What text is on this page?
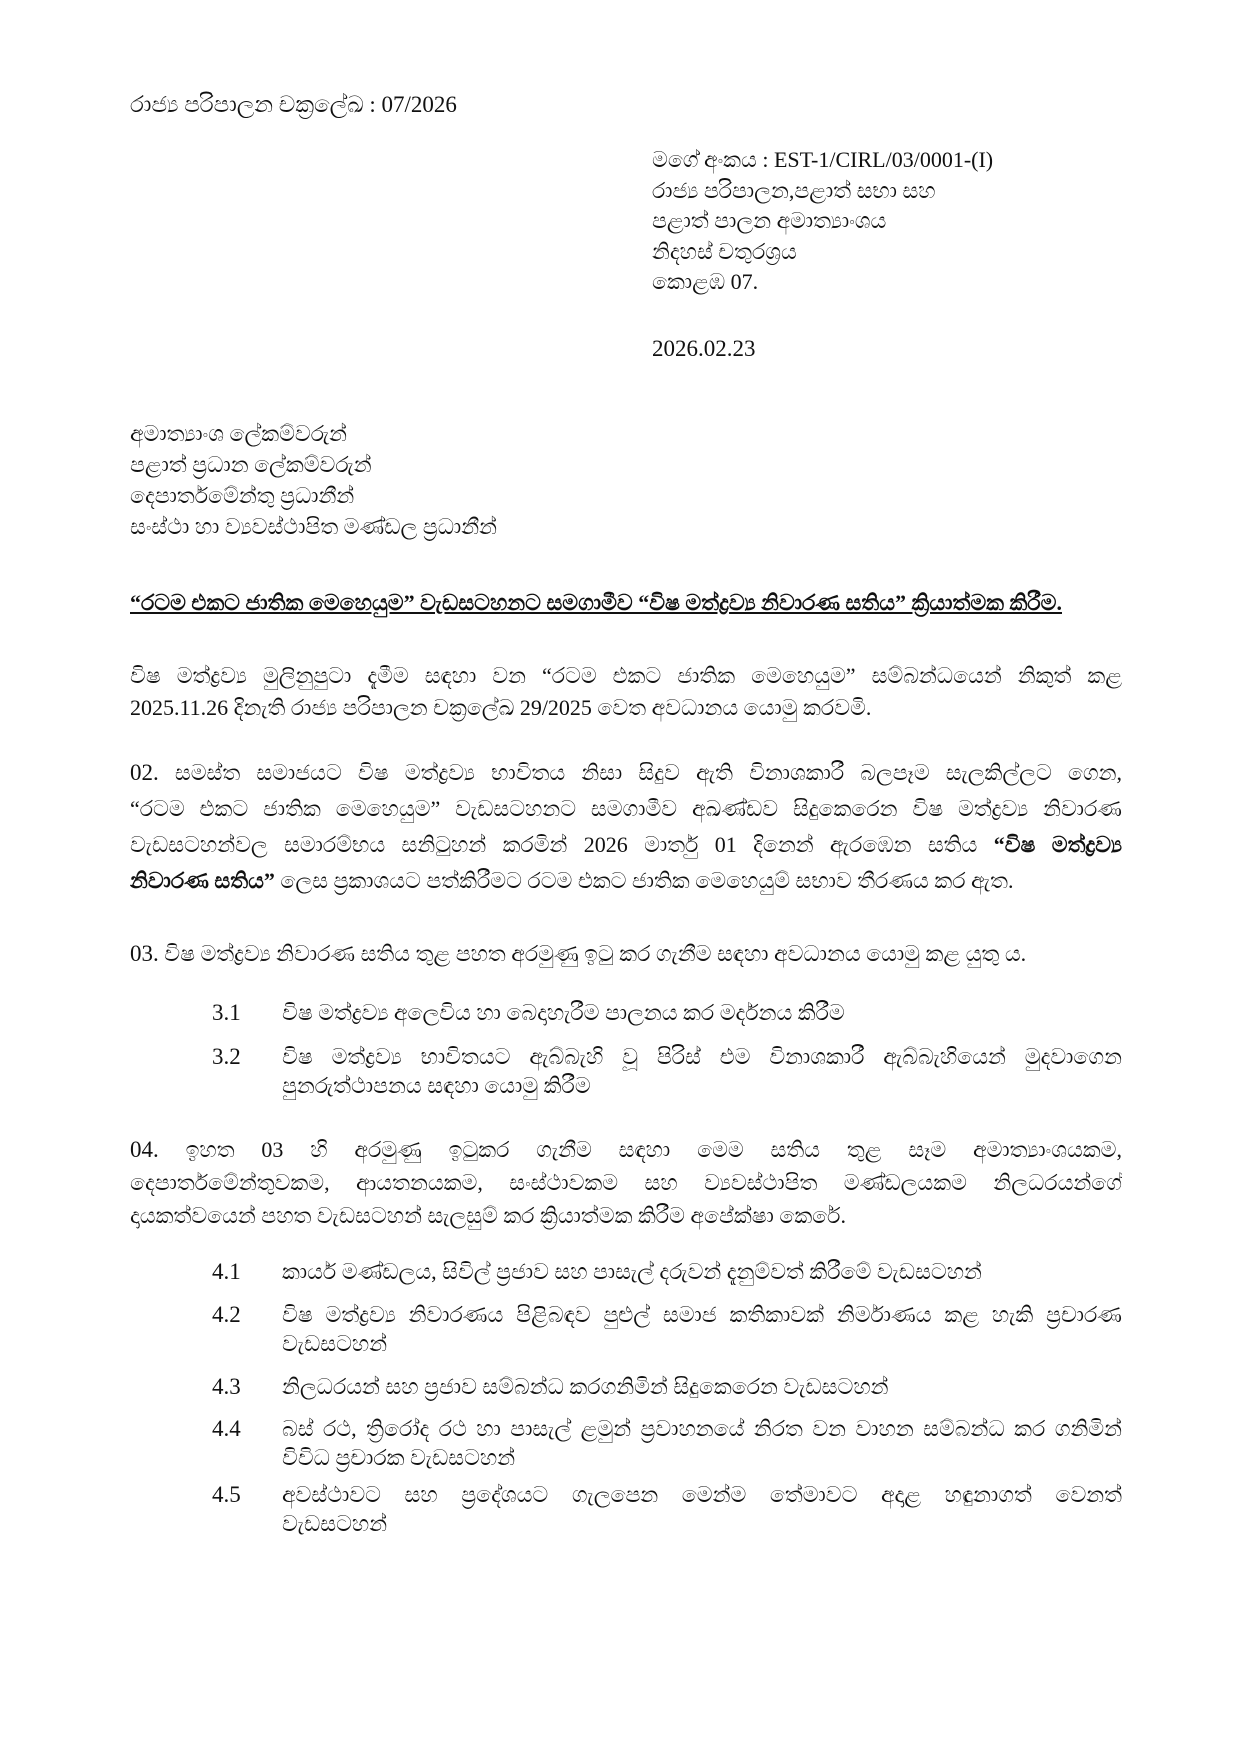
රාජ්‍ය පරිපාලන චක්‍රලේඛ : 07/2026
මගේ අංකය : EST-1/CIRL/03/0001-(I)
රාජ්‍ය පරිපාලන,පළාත් සභා සහ
පළාත් පාලන අමාත්‍යාංශය
නිදහස් චතුරශ්‍රය
කොළඹ 07.
2026.02.23
අමාත්‍යාංශ ලේකම්වරුන්
පළාත් ප්‍රධාන ලේකම්වරුන්
දෙපාර්තමේන්තු ප්‍රධානීන්
සංස්ථා හා ව්‍යවස්ථාපිත මණ්ඩල ප්‍රධානීන්
“රටම එකට ජාතික මෙහෙයුම” වැඩසටහනට සමගාමීව “විෂ මත්ද්‍රව්‍ය නිවාරණ සතිය” ක්‍රියාත්මක කිරීම.
විෂ මත්ද්‍රව්‍ය මුලිනුපුටා දැමීම සඳහා වන “රටම එකට ජාතික මෙහෙයුම” සම්බන්ධයෙන් නිකුත් කළ
2025.11.26 දිනැති රාජ්‍ය පරිපාලන චක්‍රලේඛ 29/2025 වෙත අවධානය යොමු කරවමි.
02. සමස්ත සමාජයට විෂ මත්ද්‍රව්‍ය භාවිතය නිසා සිදුව ඇති විනාශකාරී බලපෑම සැලකිල්ලට ගෙන,
“රටම එකට ජාතික මෙහෙයුම” වැඩසටහනට සමගාමීව අඛණ්ඩව සිදුකෙරෙන විෂ මත්ද්‍රව්‍ය නිවාරණ
වැඩසටහන්වල සමාරම්භය සනිටුහන් කරමින් 2026 මාර්තු 01 දිනෙන් ඇරඹෙන සතිය “විෂ මත්ද්‍රව්‍ය
නිවාරණ සතිය” ලෙස ප්‍රකාශයට පත්කිරීමට රටම එකට ජාතික මෙහෙයුම් සභාව තීරණය කර ඇත.
03. විෂ මත්ද්‍රව්‍ය නිවාරණ සතිය තුළ පහත අරමුණු ඉටු කර ගැනීම සඳහා අවධානය යොමු කළ යුතු ය.
3.1 විෂ මත්ද්‍රව්‍ය අලෙවිය හා බෙදාහැරීම පාලනය කර මර්දනය කිරීම
3.2 විෂ මත්ද්‍රව්‍ය භාවිතයට ඇබ්බැහි වූ පිරිස් එම විනාශකාරී ඇබ්බැහියෙන් මුදවාගෙන
පුනරුත්ථාපනය සඳහා යොමු කිරීම
04. ඉහත 03 හි අරමුණු ඉටුකර ගැනීම සඳහා මෙම සතිය තුළ සෑම අමාත්‍යාංශයකම,
දෙපාර්තමේන්තුවකම, ආයතනයකම, සංස්ථාවකම සහ ව්‍යවස්ථාපිත මණ්ඩලයකම නිලධරයන්ගේ
දායකත්වයෙන් පහත වැඩසටහන් සැලසුම් කර ක්‍රියාත්මක කිරීම අපේක්ෂා කෙරේ.
4.1 කාර්ය මණ්ඩලය, සිවිල් ප්‍රජාව සහ පාසැල් දරුවන් දැනුම්වත් කිරීමේ වැඩසටහන්
4.2 විෂ මත්ද්‍රව්‍ය නිවාරණය පිළිබඳව පුළුල් සමාජ කතිකාවක් නිර්මාණය කළ හැකි ප්‍රචාරණ
වැඩසටහන්
4.3 නිලධරයන් සහ ප්‍රජාව සම්බන්ධ කරගනිමින් සිදුකෙරෙන වැඩසටහන්
4.4 බස් රථ, ත්‍රිරෝද රථ හා පාසැල් ළමුන් ප්‍රවාහනයේ නිරත වන වාහන සම්බන්ධ කර ගනිමින්
විවිධ ප්‍රචාරක වැඩසටහන්
4.5 අවස්ථාවට සහ ප්‍රදේශයට ගැලපෙන මෙන්ම තේමාවට අදාළ හඳුනාගත් වෙනත්
වැඩසටහන්
